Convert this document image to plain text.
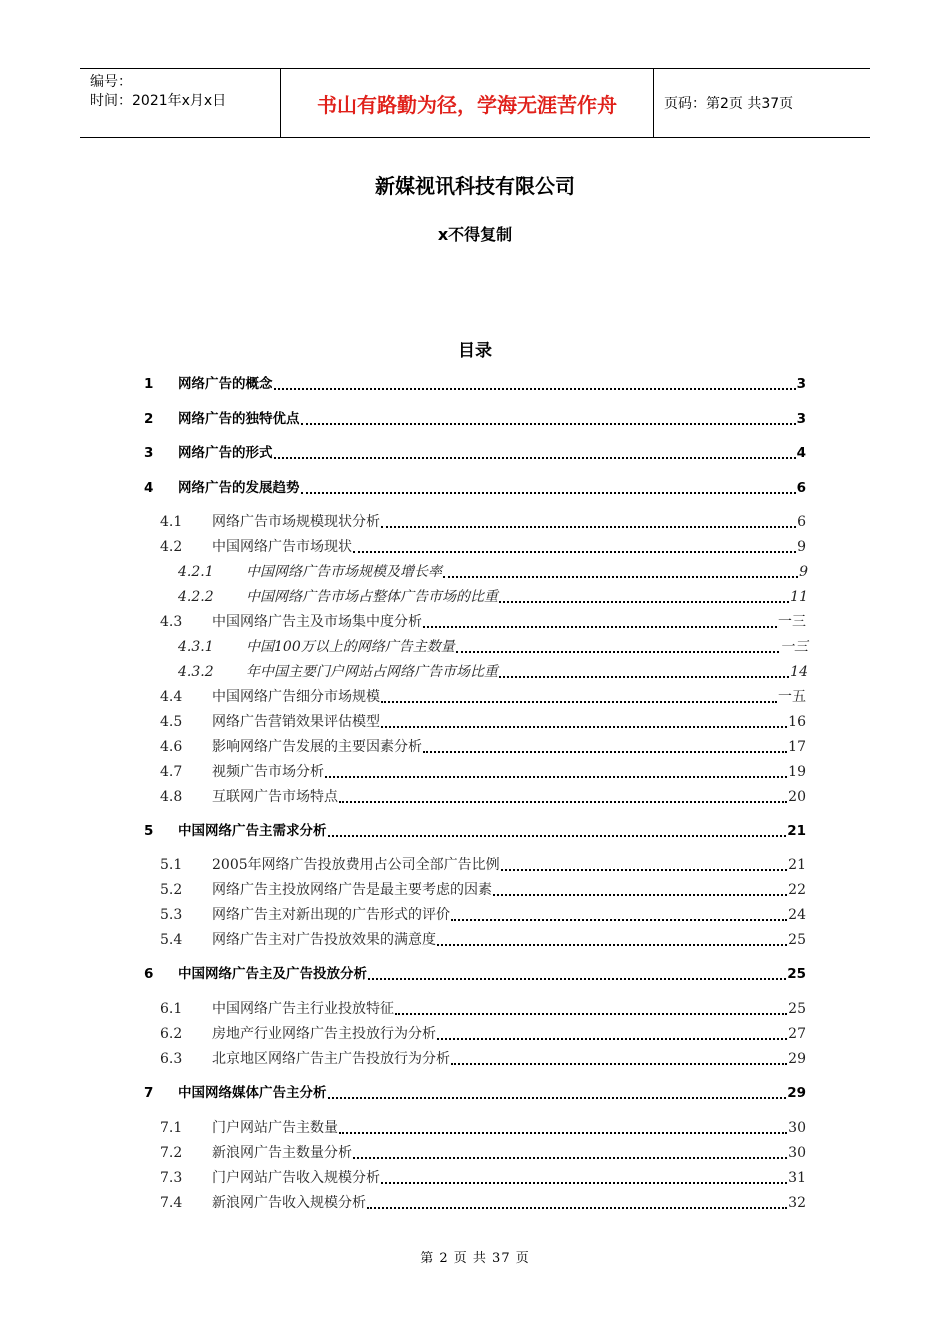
编号：
时间：2021年x月x日	书山有路勤为径，学海无涯苦作舟	页码：第2页 共37页
新媒视讯科技有限公司
x不得复制
目录
1	网络广告的概念	3
2	网络广告的独特优点	3
3	网络广告的形式	4
4	网络广告的发展趋势	6
4.1	网络广告市场规模现状分析	6
4.2	中国网络广告市场现状	9
4.2.1	中国网络广告市场规模及增长率	9
4.2.2	中国网络广告市场占整体广告市场的比重	11
4.3	中国网络广告主及市场集中度分析	一三
4.3.1	中国100万以上的网络广告主数量	一三
4.3.2	年中国主要门户网站占网络广告市场比重	14
4.4	中国网络广告细分市场规模	一五
4.5	网络广告营销效果评估模型	16
4.6	影响网络广告发展的主要因素分析	17
4.7	视频广告市场分析	19
4.8	互联网广告市场特点	20
5	中国网络广告主需求分析	21
5.1	2005年网络广告投放费用占公司全部广告比例	21
5.2	网络广告主投放网络广告是最主要考虑的因素	22
5.3	网络广告主对新出现的广告形式的评价	24
5.4	网络广告主对广告投放效果的满意度	25
6	中国网络广告主及广告投放分析	25
6.1	中国网络广告主行业投放特征	25
6.2	房地产行业网络广告主投放行为分析	27
6.3	北京地区网络广告主广告投放行为分析	29
7	中国网络媒体广告主分析	29
7.1	门户网站广告主数量	30
7.2	新浪网广告主数量分析	30
7.3	门户网站广告收入规模分析	31
7.4	新浪网广告收入规模分析	32
第 2 页 共 37 页
